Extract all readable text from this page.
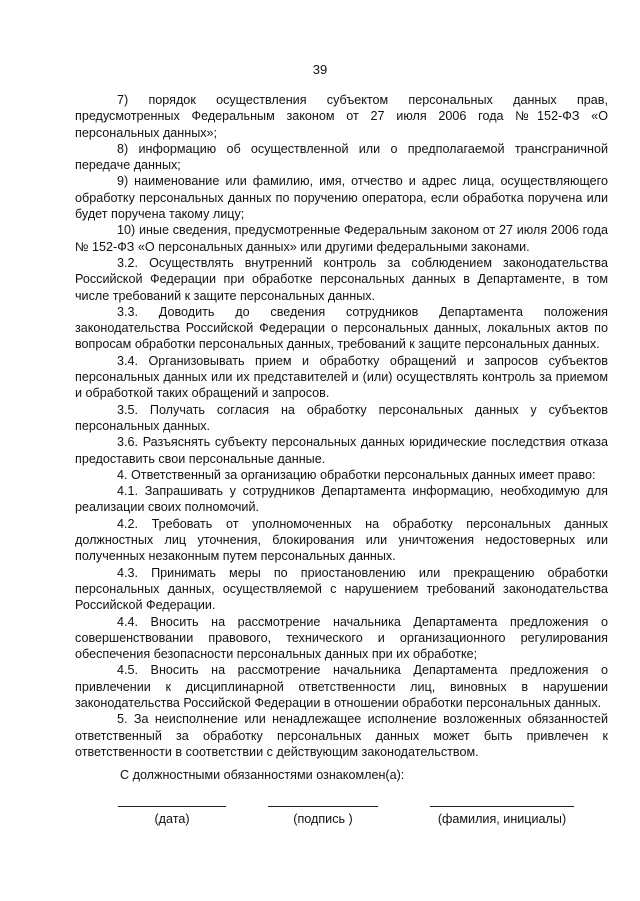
39

7) порядок осуществления субъектом персональных данных прав, предусмотренных Федеральным законом от 27 июля 2006 года №152-ФЗ «О персональных данных»;

8) информацию об осуществленной или о предполагаемой трансграничной передаче данных;

9) наименование или фамилию, имя, отчество и адрес лица, осуществляющего обработку персональных данных по поручению оператора, если обработка поручена или будет поручена такому лицу;

10) иные сведения, предусмотренные Федеральным законом от 27 июля 2006 года № 152-ФЗ «О персональных данных» или другими федеральными законами.

3.2. Осуществлять внутренний контроль за соблюдением законодательства Российской Федерации при обработке персональных данных в Департаменте, в том числе требований к защите персональных данных.

3.3. Доводить до сведения сотрудников Департамента положения законодательства Российской Федерации о персональных данных, локальных актов по вопросам обработки персональных данных, требований к защите персональных данных.

3.4. Организовывать прием и обработку обращений и запросов субъектов персональных данных или их представителей и (или) осуществлять контроль за приемом и обработкой таких обращений и запросов.

3.5. Получать согласия на обработку персональных данных у субъектов персональных данных.

3.6. Разъяснять субъекту персональных данных юридические последствия отказа предоставить свои персональные данные.

4. Ответственный за организацию обработки персональных данных имеет право:

4.1. Запрашивать у сотрудников Департамента информацию, необходимую для реализации своих полномочий.

4.2. Требовать от уполномоченных на обработку персональных данных должностных лиц уточнения, блокирования или уничтожения недостоверных или полученных незаконным путем персональных данных.

4.3. Принимать меры по приостановлению или прекращению обработки персональных данных, осуществляемой с нарушением требований законодательства Российской Федерации.

4.4. Вносить на рассмотрение начальника Департамента предложения о совершенствовании правового, технического и организационного регулирования обеспечения безопасности персональных данных при их обработке;

4.5. Вносить на рассмотрение начальника Департамента предложения о привлечении к дисциплинарной ответственности лиц, виновных в нарушении законодательства Российской Федерации в отношении обработки персональных данных.

5. За неисполнение или ненадлежащее исполнение возложенных обязанностей ответственный за обработку персональных данных может быть привлечен к ответственности в соответствии с действующим законодательством.

С должностными обязанностями ознакомлен(а):
(дата)	(подпись )	(фамилия, инициалы)
